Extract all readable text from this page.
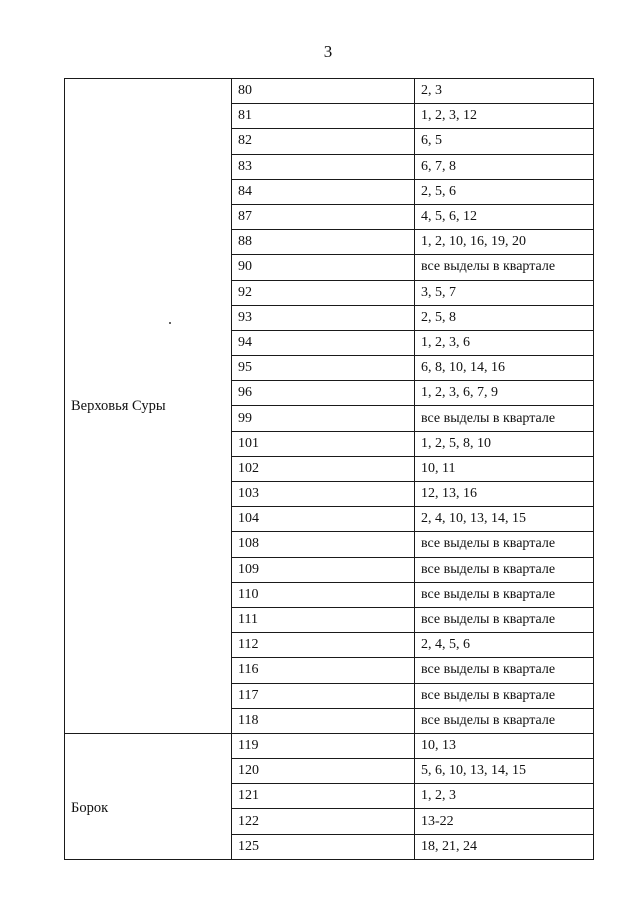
3
Верховья Суры	80	2, 3
	81	1, 2, 3, 12
	82	6, 5
	83	6, 7, 8
	84	2, 5, 6
	87	4, 5, 6, 12
	88	1, 2, 10, 16, 19, 20
	90	все выделы в квартале
	92	3, 5, 7
	93	2, 5, 8
	94	1, 2, 3, 6
	95	6, 8, 10, 14, 16
	96	1, 2, 3, 6, 7, 9
	99	все выделы в квартале
	101	1, 2, 5, 8, 10
	102	10, 11
	103	12, 13, 16
	104	2, 4, 10, 13, 14, 15
	108	все выделы в квартале
	109	все выделы в квартале
	110	все выделы в квартале
	111	все выделы в квартале
	112	2, 4, 5, 6
	116	все выделы в квартале
	117	все выделы в квартале
	118	все выделы в квартале
Борок	119	10, 13
	120	5, 6, 10, 13, 14, 15
	121	1, 2, 3
	122	13-22
	125	18, 21, 24
